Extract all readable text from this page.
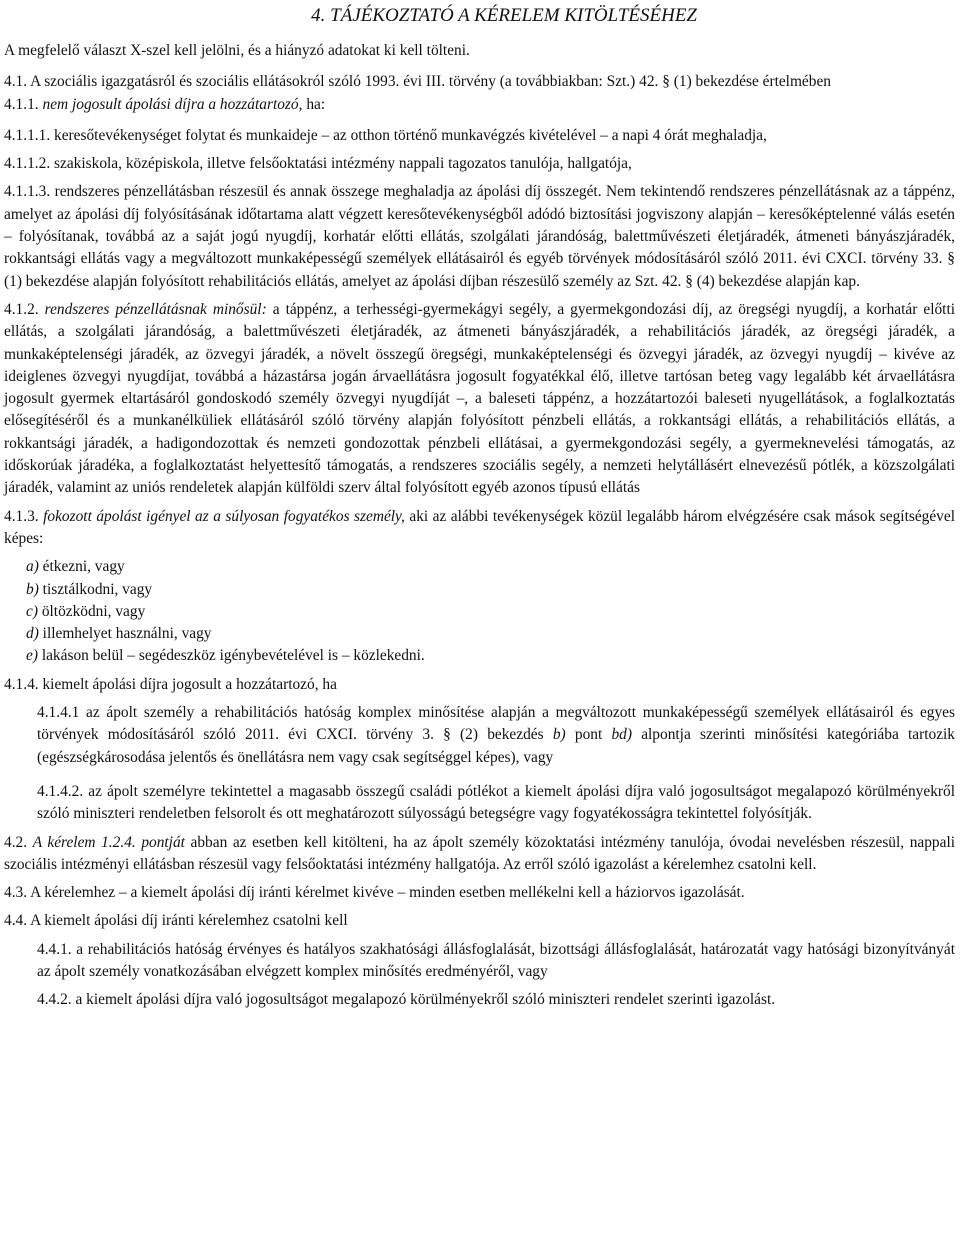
4. TÁJÉKOZTATÓ A KÉRELEM KITÖLTÉSÉHEZ

A megfelelő választ X-szel kell jelölni, és a hiányzó adatokat ki kell tölteni.

4.1. A szociális igazgatásról és szociális ellátásokról szóló 1993. évi III. törvény (a továbbiakban: Szt.) 42. § (1) bekezdése értelmében

4.1.1. nem jogosult ápolási díjra a hozzátartozó, ha:

4.1.1.1. keresőtevékenységet folytat és munkaideje – az otthon történő munkavégzés kivételével – a napi 4 órát meghaladja,

4.1.1.2. szakiskola, középiskola, illetve felsőoktatási intézmény nappali tagozatos tanulója, hallgatója,

4.1.1.3. rendszeres pénzellátásban részesül és annak összege meghaladja az ápolási díj összegét. Nem tekintendő rendszeres pénzellátásnak az a táppénz, amelyet az ápolási díj folyósításának időtartama alatt végzett keresőtevékenységből adódó biztosítási jogviszony alapján – keresőképtelenné válás esetén – folyósítanak, továbbá az a saját jogú nyugdíj, korhatár előtti ellátás, szolgálati járandóság, balettművészeti életjáradék, átmeneti bányászjáradék, rokkantsági ellátás vagy a megváltozott munkaképességű személyek ellátásairól és egyéb törvények módosításáról szóló 2011. évi CXCI. törvény 33. § (1) bekezdése alapján folyósított rehabilitációs ellátás, amelyet az ápolási díjban részesülő személy az Szt. 42. § (4) bekezdése alapján kap.

4.1.2. rendszeres pénzellátásnak minősül: a táppénz, a terhességi-gyermekágyi segély, a gyermekgondozási díj, az öregségi nyugdíj, a korhatár előtti ellátás, a szolgálati járandóság, a balettművészeti életjáradék, az átmeneti bányászjáradék, a rehabilitációs járadék, az öregségi járadék, a munkaképtelenségi járadék, az özvegyi járadék, a növelt összegű öregségi, munkaképtelenségi és özvegyi járadék, az özvegyi nyugdíj – kivéve az ideiglenes özvegyi nyugdíjat, továbbá a házastársa jogán árvaellátásra jogosult fogyatékkal élő, illetve tartósan beteg vagy legalább két árvaellátásra jogosult gyermek eltartásáról gondoskodó személy özvegyi nyugdíját –, a baleseti táppénz, a hozzátartozói baleseti nyugellátások, a foglalkoztatás elősegítéséről és a munkanélküliek ellátásáról szóló törvény alapján folyósított pénzbeli ellátás, a rokkantsági ellátás, a rehabilitációs ellátás, a rokkantsági járadék, a hadigondozottak és nemzeti gondozottak pénzbeli ellátásai, a gyermekgondozási segély, a gyermeknevelési támogatás, az időskorúak járadéka, a foglalkoztatást helyettesítő támogatás, a rendszeres szociális segély, a nemzeti helytállásért elnevezésű pótlék, a közszolgálati járadék, valamint az uniós rendeletek alapján külföldi szerv által folyósított egyéb azonos típusú ellátás

4.1.3. fokozott ápolást igényel az a súlyosan fogyatékos személy, aki az alábbi tevékenységek közül legalább három elvégzésére csak mások segítségével képes:

a) étkezni, vagy
b) tisztálkodni, vagy
c) öltözködni, vagy
d) illemhelyet használni, vagy
e) lakáson belül – segédeszköz igénybevételével is – közlekedni.

4.1.4. kiemelt ápolási díjra jogosult a hozzátartozó, ha

4.1.4.1 az ápolt személy a rehabilitációs hatóság komplex minősítése alapján a megváltozott munkaképességű személyek ellátásairól és egyes törvények módosításáról szóló 2011. évi CXCI. törvény 3. § (2) bekezdés b) pont bd) alpontja szerinti minősítési kategóriába tartozik (egészségkárosodása jelentős és önellátásra nem vagy csak segítséggel képes), vagy

4.1.4.2. az ápolt személyre tekintettel a magasabb összegű családi pótlékot a kiemelt ápolási díjra való jogosultságot megalapozó körülményekről szóló miniszteri rendeletben felsorolt és ott meghatározott súlyosságú betegségre vagy fogyatékosságra tekintettel folyósítják.

4.2. A kérelem 1.2.4. pontját abban az esetben kell kitölteni, ha az ápolt személy közoktatási intézmény tanulója, óvodai nevelésben részesül, nappali szociális intézményi ellátásban részesül vagy felsőoktatási intézmény hallgatója. Az erről szóló igazolást a kérelemhez csatolni kell.

4.3. A kérelemhez – a kiemelt ápolási díj iránti kérelmet kivéve – minden esetben mellékelni kell a háziorvos igazolását.

4.4. A kiemelt ápolási díj iránti kérelemhez csatolni kell

4.4.1. a rehabilitációs hatóság érvényes és hatályos szakhatósági állásfoglalását, bizottsági állásfoglalását, határozatát vagy hatósági bizonyítványát az ápolt személy vonatkozásában elvégzett komplex minősítés eredményéről, vagy

4.4.2. a kiemelt ápolási díjra való jogosultságot megalapozó körülményekről szóló miniszteri rendelet szerinti igazolást.
